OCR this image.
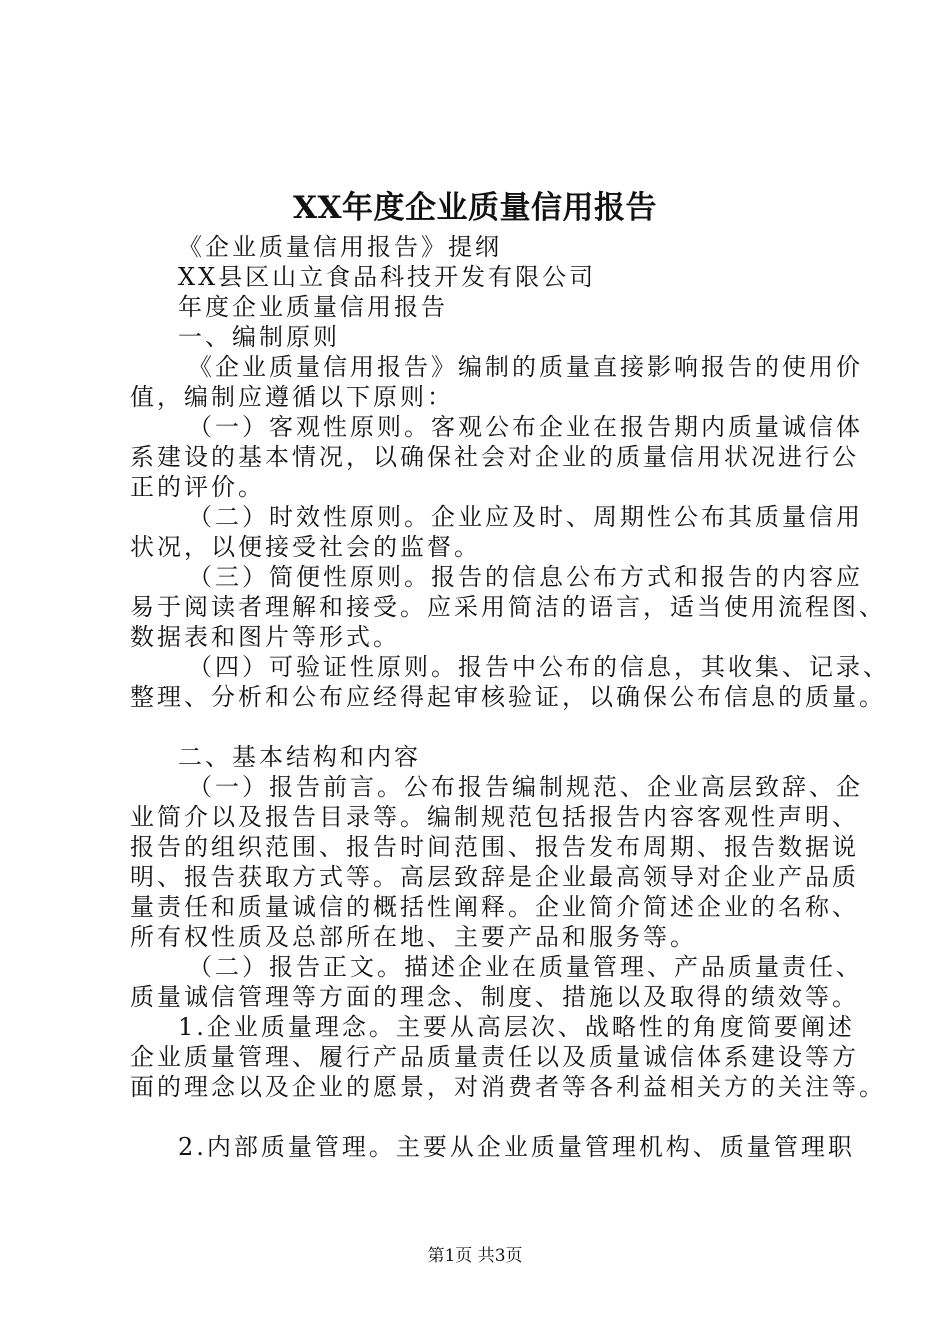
XX年度企业质量信用报告

《企业质量信用报告》提纲

XX县区山立食品科技开发有限公司

年度企业质量信用报告

一、编制原则

《企业质量信用报告》编制的质量直接影响报告的使用价

值，编制应遵循以下原则：

（一）客观性原则。客观公布企业在报告期内质量诚信体

系建设的基本情况，以确保社会对企业的质量信用状况进行公

正的评价。

（二）时效性原则。企业应及时、周期性公布其质量信用

状况，以便接受社会的监督。

（三）简便性原则。报告的信息公布方式和报告的内容应

易于阅读者理解和接受。应采用简洁的语言，适当使用流程图、

数据表和图片等形式。

（四）可验证性原则。报告中公布的信息，其收集、记录、

整理、分析和公布应经得起审核验证，以确保公布信息的质量。

二、基本结构和内容

（一）报告前言。公布报告编制规范、企业高层致辞、企

业简介以及报告目录等。编制规范包括报告内容客观性声明、

报告的组织范围、报告时间范围、报告发布周期、报告数据说

明、报告获取方式等。高层致辞是企业最高领导对企业产品质

量责任和质量诚信的概括性阐释。企业简介简述企业的名称、

所有权性质及总部所在地、主要产品和服务等。

（二）报告正文。描述企业在质量管理、产品质量责任、

质量诚信管理等方面的理念、制度、措施以及取得的绩效等。

1.企业质量理念。主要从高层次、战略性的角度简要阐述

企业质量管理、履行产品质量责任以及质量诚信体系建设等方

面的理念以及企业的愿景，对消费者等各利益相关方的关注等。

2.内部质量管理。主要从企业质量管理机构、质量管理职

第1页 共3页
